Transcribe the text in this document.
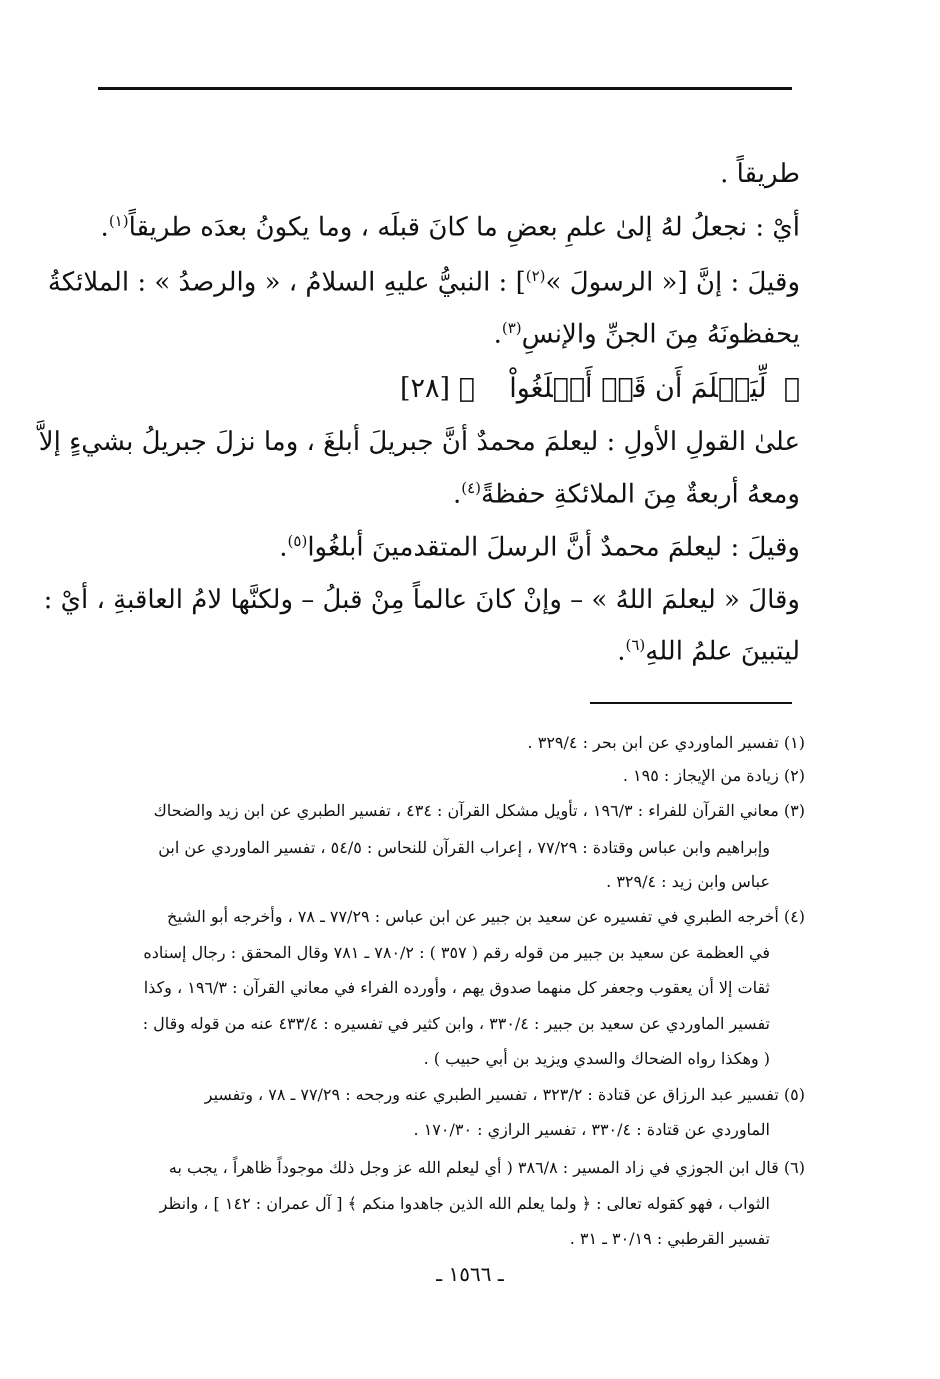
طريقاً .
أيْ : نجعلُ لهُ إلىٰ علمِ بعضِ ما كانَ قبلَه ، وما يكونُ بعدَه طريقاً$^{(١)}$.
وقيلَ : إنَّ [« الرسولَ »$^{(٢)}$] : النبيُّ عليهِ السلامُ ، « والرصدُ » : الملائكةُ
يحفظونَهُ مِنَ الجنِّ والإنسِ$^{(٣)}$.
﴿  لِّيَعۡلَمَ أَن قَدۡ أَبۡلَغُواْ    ﴾ [٢٨]
علىٰ القولِ الأولِ : ليعلمَ محمدٌ أنَّ جبريلَ أبلغَ ، وما نزلَ جبريلُ بشيءٍ إلاَّ
ومعهُ أربعةٌ مِنَ الملائكةِ حفظةً$^{(٤)}$.
وقيلَ : ليعلمَ محمدٌ أنَّ الرسلَ المتقدمينَ أبلغُوا$^{(٥)}$.
وقالَ « ليعلمَ اللهُ » – وإنْ كانَ عالماً مِنْ قبلُ – ولكنَّها لامُ العاقبةِ ، أيْ :
ليتبينَ علمُ اللهِ$^{(٦)}$.
(١) تفسير الماوردي عن ابن بحر : ٣٢٩/٤ .
(٢) زيادة من الإيجاز : ١٩٥ .
(٣) معاني القرآن للفراء : ١٩٦/٣ ، تأويل مشكل القرآن : ٤٣٤ ، تفسير الطبري عن ابن زيد والضحاك
وإبراهيم وابن عباس وقتادة : ٧٧/٢٩ ، إعراب القرآن للنحاس : ٥٤/٥ ، تفسير الماوردي عن ابن
عباس وابن زيد : ٣٢٩/٤ .
(٤) أخرجه الطبري في تفسيره عن سعيد بن جبير عن ابن عباس : ٧٧/٢٩ ـ ٧٨ ، وأخرجه أبو الشيخ
في العظمة عن سعيد بن جبير من قوله رقم ( ٣٥٧ ) : ٧٨٠/٢ ـ ٧٨١ وقال المحقق : رجال إسناده
ثقات إلا أن يعقوب وجعفر كل منهما صدوق يهم ، وأورده الفراء في معاني القرآن : ١٩٦/٣ ، وكذا
تفسير الماوردي عن سعيد بن جبير : ٣٣٠/٤ ، وابن كثير في تفسيره : ٤٣٣/٤ عنه من قوله وقال :
( وهكذا رواه الضحاك والسدي ويزيد بن أبي حبيب ) .
(٥) تفسير عبد الرزاق عن قتادة : ٣٢٣/٢ ، تفسير الطبري عنه ورجحه : ٧٧/٢٩ ـ ٧٨ ، وتفسير
الماوردي عن قتادة : ٣٣٠/٤ ، تفسير الرازي : ١٧٠/٣٠ .
(٦) قال ابن الجوزي في زاد المسير : ٣٨٦/٨ ( أي ليعلم الله عز وجل ذلك موجوداً ظاهراً ، يجب به
الثواب ، فهو كقوله تعالى : ﴿ ولما يعلم الله الذين جاهدوا منكم ﴾ [ آل عمران : ١٤٢ ] ، وانظر
تفسير القرطبي : ٣٠/١٩ ـ ٣١ .
ـ ١٥٦٦ ـ
